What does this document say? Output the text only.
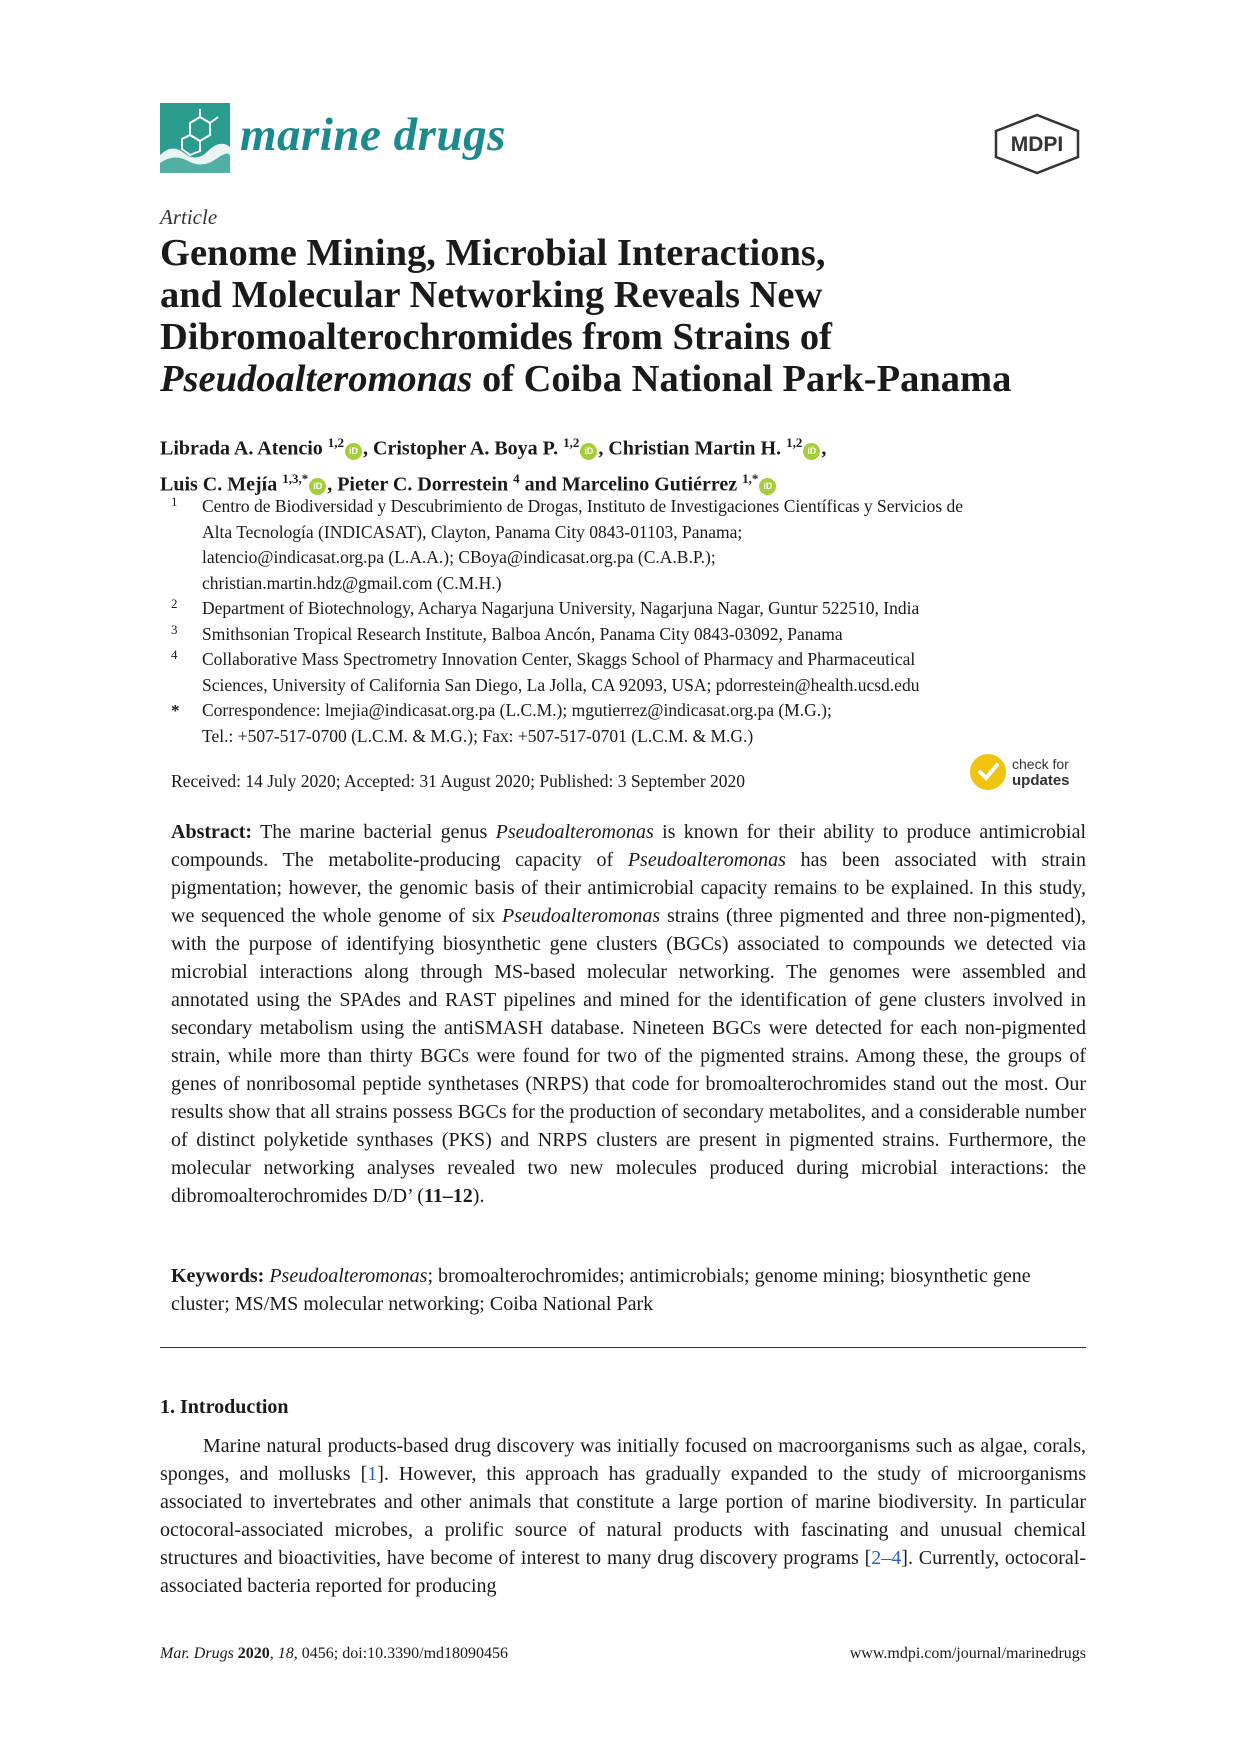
marine drugs	MDPI
Article
Genome Mining, Microbial Interactions,
and Molecular Networking Reveals New
Dibromoalterochromides from Strains of
Pseudoalteromonas of Coiba National Park-Panama
Librada A. Atencio $^{1,2}$iD , Cristopher A. Boya P. $^{1,2}$iD , Christian Martin H. $^{1,2}$iD ,
Luis C. Mejía $^{1,3,*}$iD , Pieter C. Dorrestein $^4$ and Marcelino Gutiérrez $^{1,*}$iD
1 Centro de Biodiversidad y Descubrimiento de Drogas, Instituto de Investigaciones Científicas y Servicios de
Alta Tecnología (INDICASAT), Clayton, Panama City 0843-01103, Panama;
latencio@indicasat.org.pa (L.A.A.); CBoya@indicasat.org.pa (C.A.B.P.);
christian.martin.hdz@gmail.com (C.M.H.)
2 Department of Biotechnology, Acharya Nagarjuna University, Nagarjuna Nagar, Guntur 522510, India
3 Smithsonian Tropical Research Institute, Balboa Ancón, Panama City 0843-03092, Panama
4 Collaborative Mass Spectrometry Innovation Center, Skaggs School of Pharmacy and Pharmaceutical
Sciences, University of California San Diego, La Jolla, CA 92093, USA; pdorrestein@health.ucsd.edu
* Correspondence: lmejia@indicasat.org.pa (L.C.M.); mgutierrez@indicasat.org.pa (M.G.);
Tel.: +507-517-0700 (L.C.M. & M.G.); Fax: +507-517-0701 (L.C.M. & M.G.)
Received: 14 July 2020; Accepted: 31 August 2020; Published: 3 September 2020
check for
updates
Abstract: The marine bacterial genus Pseudoalteromonas is known for their ability to produce antimicrobial compounds. The metabolite-producing capacity of Pseudoalteromonas has been associated with strain pigmentation; however, the genomic basis of their antimicrobial capacity remains to be explained. In this study, we sequenced the whole genome of six Pseudoalteromonas strains (three pigmented and three non-pigmented), with the purpose of identifying biosynthetic gene clusters (BGCs) associated to compounds we detected via microbial interactions along through MS-based molecular networking. The genomes were assembled and annotated using the SPAdes and RAST pipelines and mined for the identification of gene clusters involved in secondary metabolism using the antiSMASH database. Nineteen BGCs were detected for each non-pigmented strain, while more than thirty BGCs were found for two of the pigmented strains. Among these, the groups of genes of nonribosomal peptide synthetases (NRPS) that code for bromoalterochromides stand out the most. Our results show that all strains possess BGCs for the production of secondary metabolites, and a considerable number of distinct polyketide synthases (PKS) and NRPS clusters are present in pigmented strains. Furthermore, the molecular networking analyses revealed two new molecules produced during microbial interactions: the dibromoalterochromides D/D’ (11–12).
Keywords: Pseudoalteromonas; bromoalterochromides; antimicrobials; genome mining; biosynthetic gene cluster; MS/MS molecular networking; Coiba National Park
1. Introduction
Marine natural products-based drug discovery was initially focused on macroorganisms such as algae, corals, sponges, and mollusks [1]. However, this approach has gradually expanded to the study of microorganisms associated to invertebrates and other animals that constitute a large portion of marine biodiversity. In particular octocoral-associated microbes, a prolific source of natural products with fascinating and unusual chemical structures and bioactivities, have become of interest to many drug discovery programs [2–4]. Currently, octocoral-associated bacteria reported for producing
Mar. Drugs 2020, 18, 0456; doi:10.3390/md18090456	www.mdpi.com/journal/marinedrugs
